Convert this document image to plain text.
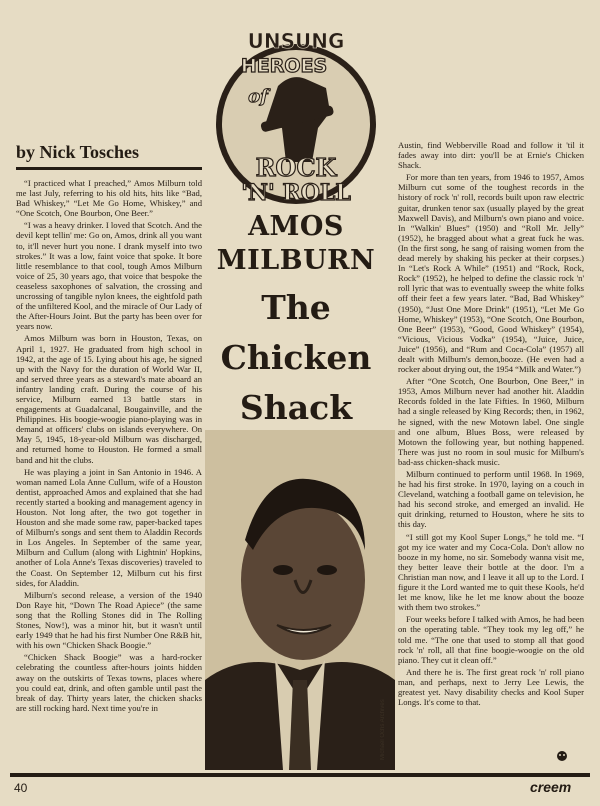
UNSUNG
HEROES
of
ROCK
'N' ROLL
by Nick Tosches

“I practiced what I preached,” Amos Milburn told me last July, referring to his old hits, hits like “Bad, Bad Whiskey,” “Let Me Go Home, Whiskey,” and “One Scotch, One Bourbon, One Beer.”

“I was a heavy drinker. I loved that Scotch. And the devil kept tellin' me: Go on, Amos, drink all you want to, it'll never hurt you none. I drank myself into two strokes.” It was a low, faint voice that spoke. It bore little resemblance to that cool, tough Amos Milburn voice of 25, 30 years ago, that voice that bespoke the ceaseless saxophones of salvation, the crossing and uncrossing of tangible nylon knees, the eightfold path of the unfiltered Kool, and the miracle of Our Lady of the After-Hours Joint. But the party has been over for years now.

Amos Milburn was born in Houston, Texas, on April 1, 1927. He graduated from high school in 1942, at the age of 15. Lying about his age, he signed up with the Navy for the duration of World War II, and served three years as a steward's mate aboard an infantry landing craft. During the course of his service, Milburn earned 13 battle stars in engagements at Guadalcanal, Bougainville, and the Philippines. His boogie-woogie piano-playing was in demand at officers' clubs on islands everywhere. On May 5, 1945, 18-year-old Milburn was discharged, and returned home to Houston. He formed a small band and hit the clubs.

He was playing a joint in San Antonio in 1946. A woman named Lola Anne Cullum, wife of a Houston dentist, approached Amos and explained that she had recently started a booking and management agency in Houston. Not long after, the two got together in Houston and she made some raw, paper-backed tapes of Milburn's songs and sent them to Aladdin Records in Los Angeles. In September of the same year, Milburn and Cullum (along with Lightnin' Hopkins, another of Lola Anne's Texas discoveries) traveled to the Coast. On September 12, Milburn cut his first sides, for Aladdin.

Milburn's second release, a version of the 1940 Don Raye hit, “Down The Road Apiece” (the same song that the Rolling Stones did in The Rolling Stones, Now!), was a minor hit, but it wasn't until early 1949 that he had his first Number One R&B hit, with his own “Chicken Shack Boogie.”

“Chicken Shack Boogie” was a hard-rocker celebrating the countless after-hours joints hidden away on the outskirts of Texas towns, places where you could eat, drink, and often gamble until past the break of day. Thirty years later, the chicken shacks are still rocking hard. Next time you're in

AMOS
MILBURN
The
Chicken
Shack
Michael Ochs Archives

Austin, find Webberville Road and follow it 'til it fades away into dirt: you'll be at Ernie's Chicken Shack.

For more than ten years, from 1946 to 1957, Amos Milburn cut some of the toughest records in the history of rock 'n' roll, records built upon raw electric guitar, drunken tenor sax (usually played by the great Maxwell Davis), and Milburn's own piano and voice. In “Walkin' Blues” (1950) and “Roll Mr. Jelly” (1952), he bragged about what a great fuck he was. (In the first song, he sang of raising women from the dead merely by shaking his pecker at their corpses.) In “Let's Rock A While” (1951) and “Rock, Rock, Rock” (1952), he helped to define the classic rock 'n' roll lyric that was to eventually sweep the white folks off their feet a few years later. “Bad, Bad Whiskey” (1950), “Just One More Drink” (1951), “Let Me Go Home, Whiskey” (1953), “One Scotch, One Bourbon, One Beer” (1953), “Good, Good Whiskey” (1954), “Vicious, Vicious Vodka” (1954), “Juice, Juice, Juice” (1956), and “Rum and Coca-Cola” (1957) all dealt with Milburn's demon,booze. (He even had a rocker about drying out, the 1954 “Milk and Water.”)

After “One Scotch, One Bourbon, One Beer,” in 1953, Amos Milburn never had another hit. Aladdin Records folded in the late Fifties. In 1960, Milburn had a single released by King Records; then, in 1962, he signed, with the new Motown label. One single and one album, Blues Boss, were released by Motown the following year, but nothing happened. There was just no room in soul music for Milburn's bad-ass chicken-shack music.

Milburn continued to perform until 1968. In 1969, he had his first stroke. In 1970, laying on a couch in Cleveland, watching a football game on television, he had his second stroke, and emerged an invalid. He quit drinking, returned to Houston, where he sits to this day.

“I still got my Kool Super Longs,” he told me. “I got my ice water and my Coca-Cola. Don't allow no booze in my home, no sir. Somebody wanna visit me, they better leave their bottle at the door. I'm a Christian man now, and I leave it all up to the Lord. I figure it the Lord wanted me to quit these Kools, he'd let me know, like he let me know about the booze with them two strokes.”

Four weeks before I talked with Amos, he had been on the operating table. “They took my leg off,” he told me. “The one that used to stomp all that good rock 'n' roll, all that fine boogie-woogie on the old piano. They cut it clean off.”

And there he is. The first great rock 'n' roll piano man, and perhaps, next to Jerry Lee Lewis, the greatest yet. Navy disability checks and Kool Super Longs. It's come to that.

40	creem
